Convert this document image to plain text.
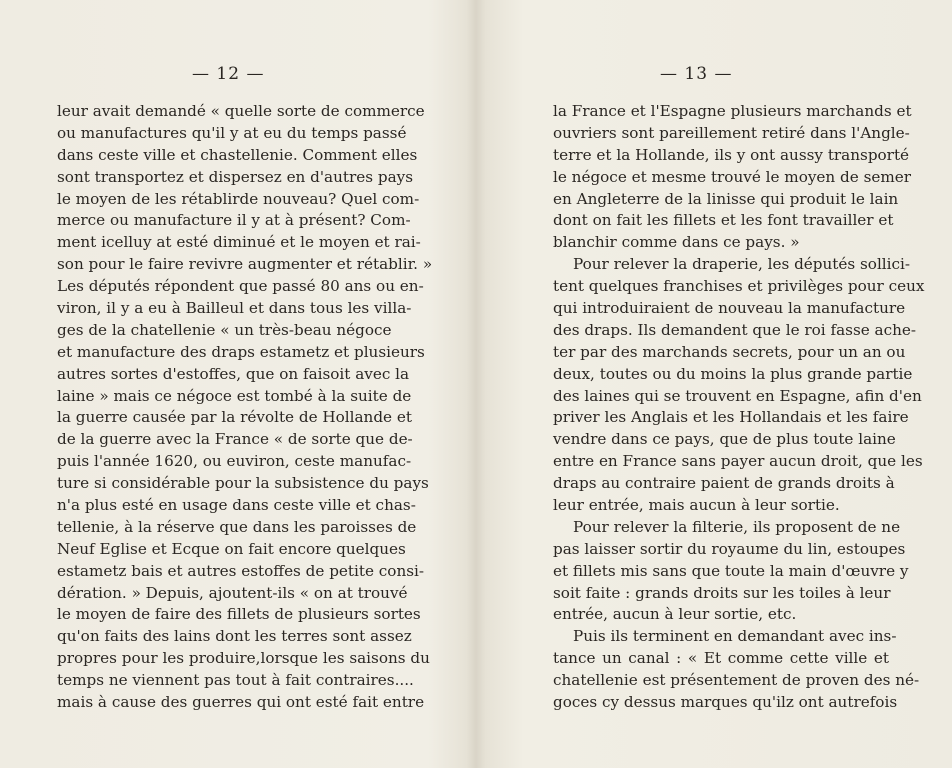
— 12 —
leur avait demandé « quelle sorte de commerce
ou manufactures qu'il y at eu du temps passé
dans ceste ville et chastellenie. Comment elles
sont transportez et dispersez en d'autres pays
le moyen de les rétablirde nouveau? Quel com-
merce ou manufacture il y at à présent? Com-
ment icelluy at esté diminué et le moyen et rai-
son pour le faire revivre augmenter et rétablir. »
Les députés répondent que passé 80 ans ou en-
viron, il y a eu à Bailleul et dans tous les villa-
ges de la chatellenie « un très-beau négoce
et manufacture des draps estametz et plusieurs
autres sortes d'estoffes, que on faisoit avec la
laine » mais ce négoce est tombé à la suite de
la guerre causée par la révolte de Hollande et
de la guerre avec la France « de sorte que de-
puis l'année 1620, ou euviron, ceste manufac-
ture si considérable pour la subsistence du pays
n'a plus esté en usage dans ceste ville et chas-
tellenie, à la réserve que dans les paroisses de
Neuf Eglise et Ecque on fait encore quelques
estametz bais et autres estoffes de petite consi-
dération. » Depuis, ajoutent-ils « on at trouvé
le moyen de faire des fillets de plusieurs sortes
qu'on faits des lains dont les terres sont assez
propres pour les produire,lorsque les saisons du
temps ne viennent pas tout à fait contraires....
mais à cause des guerres qui ont esté fait entre
— 13 —
la France et l'Espagne plusieurs marchands et
ouvriers sont pareillement retiré dans l'Angle-
terre et la Hollande, ils y ont aussy transporté
le négoce et mesme trouvé le moyen de semer
en Angleterre de la linisse qui produit le lain
dont on fait les fillets et les font travailler et
blanchir comme dans ce pays. »
Pour relever la draperie, les députés sollici-
tent quelques franchises et privilèges pour ceux
qui introduiraient de nouveau la manufacture
des draps. Ils demandent que le roi fasse ache-
ter par des marchands secrets, pour un an ou
deux, toutes ou du moins la plus grande partie
des laines qui se trouvent en Espagne, afin d'en
priver les Anglais et les Hollandais et les faire
vendre dans ce pays, que de plus toute laine
entre en France sans payer aucun droit, que les
draps au contraire paient de grands droits à
leur entrée, mais aucun à leur sortie.
Pour relever la filterie, ils proposent de ne
pas laisser sortir du royaume du lin, estoupes
et fillets mis sans que toute la main d'œuvre y
soit faite : grands droits sur les toiles à leur
entrée, aucun à leur sortie, etc.
Puis ils terminent en demandant avec ins-
tance un canal : « Et comme cette ville et
chatellenie est présentement de proven des né-
goces cy dessus marques qu'ilz ont autrefois
